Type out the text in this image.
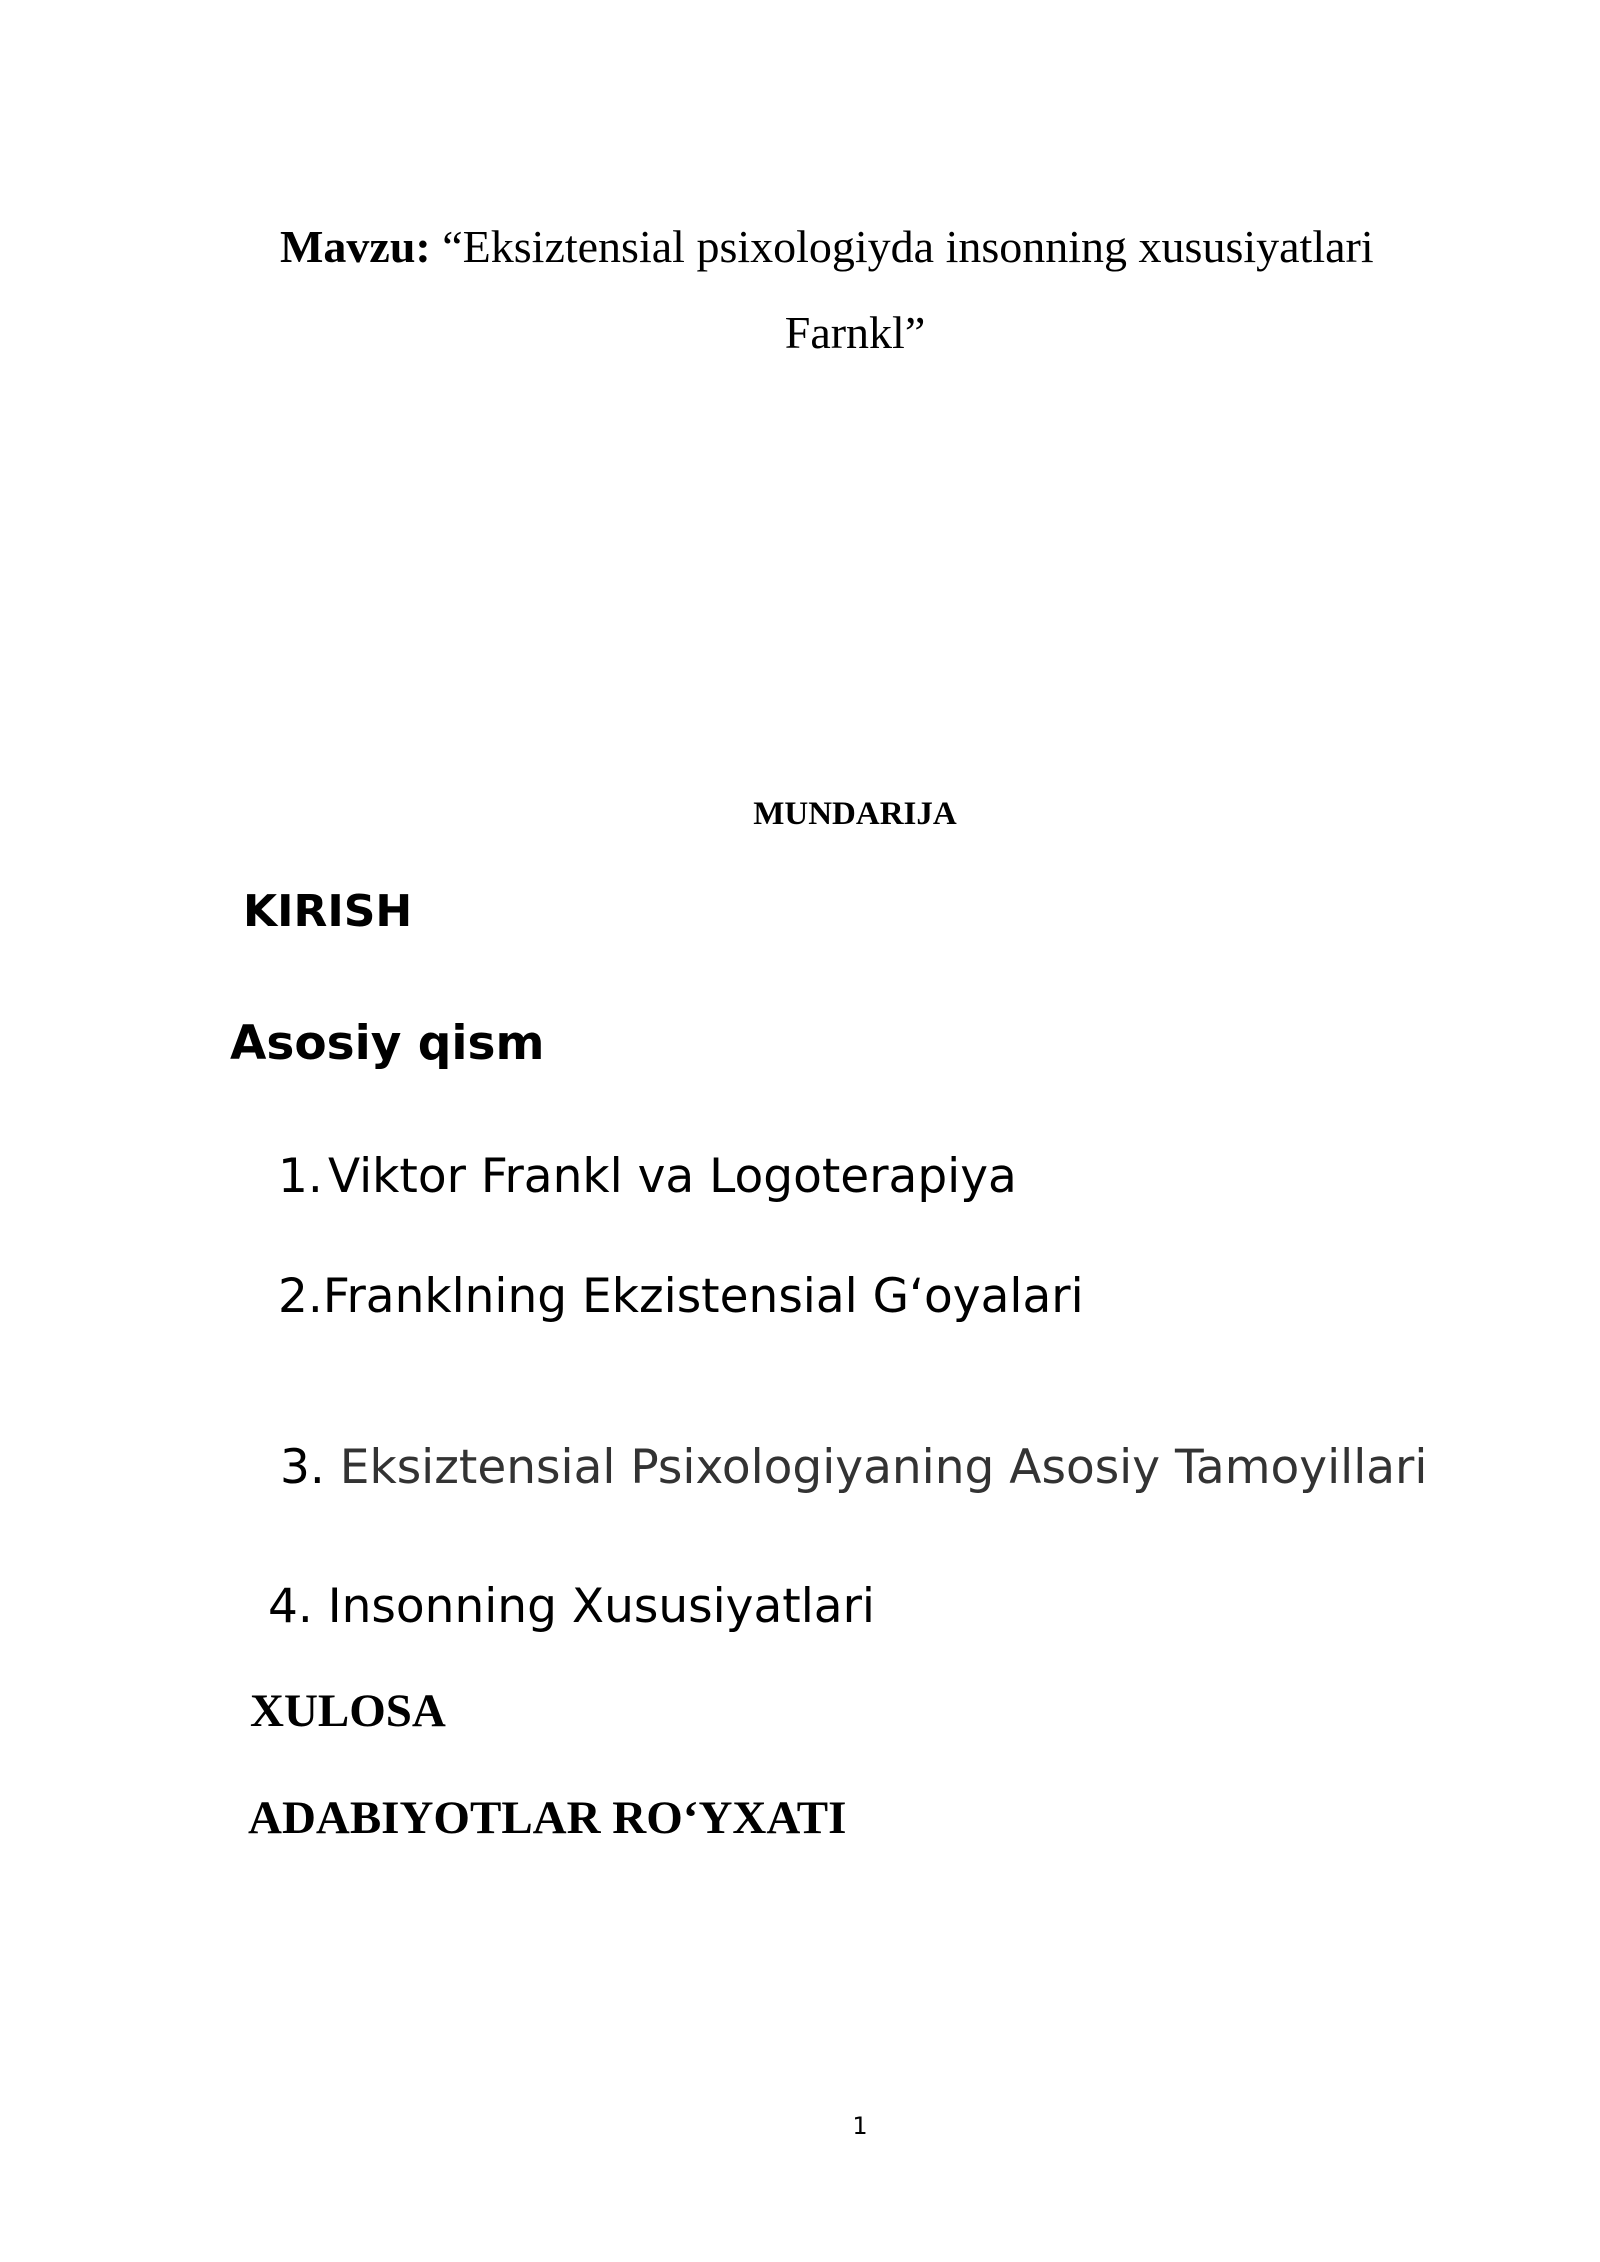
Mavzu: “Eksiztensial psixologiyda insonning xususiyatlari
Farnkl”
MUNDARIJA
KIRISH
Asosiy qism
1. Viktor Frankl va Logoterapiya
2.Franklning Ekzistensial G‘oyalari
3. Eksiztensial Psixologiyaning Asosiy Tamoyillari
4. Insonning Xususiyatlari
XULOSA
ADABIYOTLAR RO‘YXATI
1
